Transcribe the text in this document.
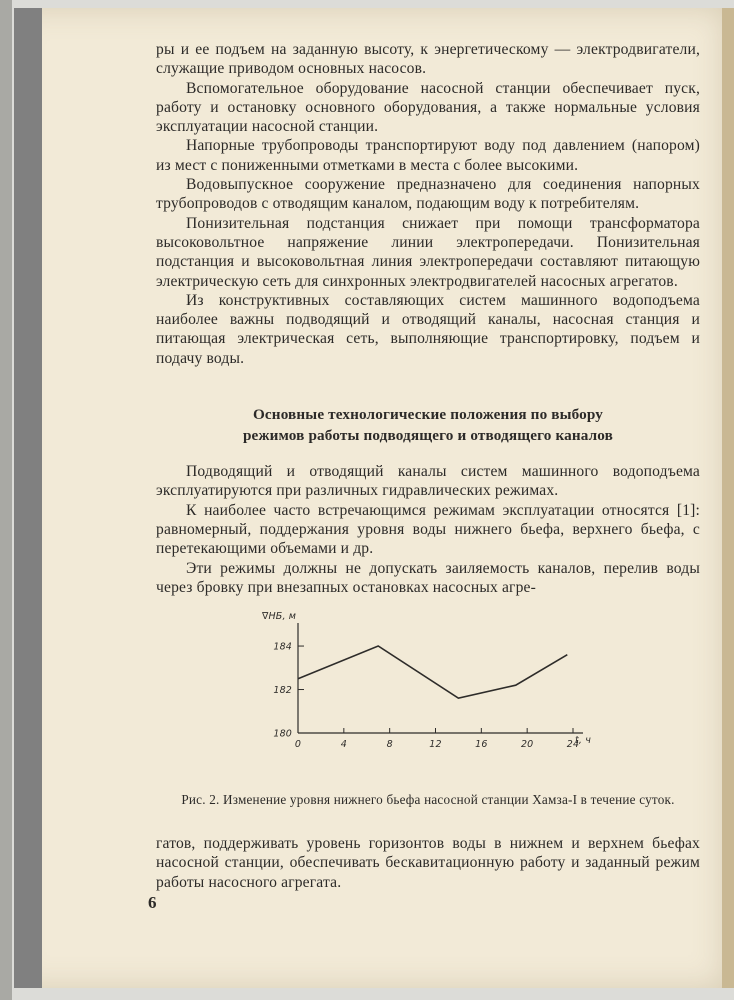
ры и ее подъем на заданную высоту, к энергетическому — электродвигатели, служащие приводом основных насосов.

Вспомогательное оборудование насосной станции обеспечивает пуск, работу и остановку основного оборудования, а также нормальные условия эксплуатации насосной станции.

Напорные трубопроводы транспортируют воду под давлением (напором) из мест с пониженными отметками в места с более высокими.

Водовыпускное сооружение предназначено для соединения напорных трубопроводов с отводящим каналом, подающим воду к потребителям.

Понизительная подстанция снижает при помощи трансформатора высоковольтное напряжение линии электропередачи. Понизительная подстанция и высоковольтная линия электропередачи составляют питающую электрическую сеть для синхронных электродвигателей насосных агрегатов.

Из конструктивных составляющих систем машинного водоподъема наиболее важны подводящий и отводящий каналы, насосная станция и питающая электрическая сеть, выполняющие транспортировку, подъем и подачу воды.

Основные технологические положения по выбору
режимов работы подводящего и отводящего каналов

Подводящий и отводящий каналы систем машинного водоподъема эксплуатируются при различных гидравлических режимах.

К наиболее часто встречающимся режимам эксплуатации относятся [1]: равномерный, поддержания уровня воды нижнего бьефа, верхнего бьефа, с перетекающими объемами и др.

Эти режимы должны не допускать заиляемость каналов, перелив воды через бровку при внезапных остановках насосных агре-

180
182
184
0	4	8	12	16	20	24
∇НБ, м
t, ч
Рис. 2. Изменение уровня нижнего бьефа насосной станции Хамза-I в течение суток.

гатов, поддерживать уровень горизонтов воды в нижнем и верхнем бьефах насосной станции, обеспечивать бескавитационную работу и заданный режим работы насосного агрегата.

6
